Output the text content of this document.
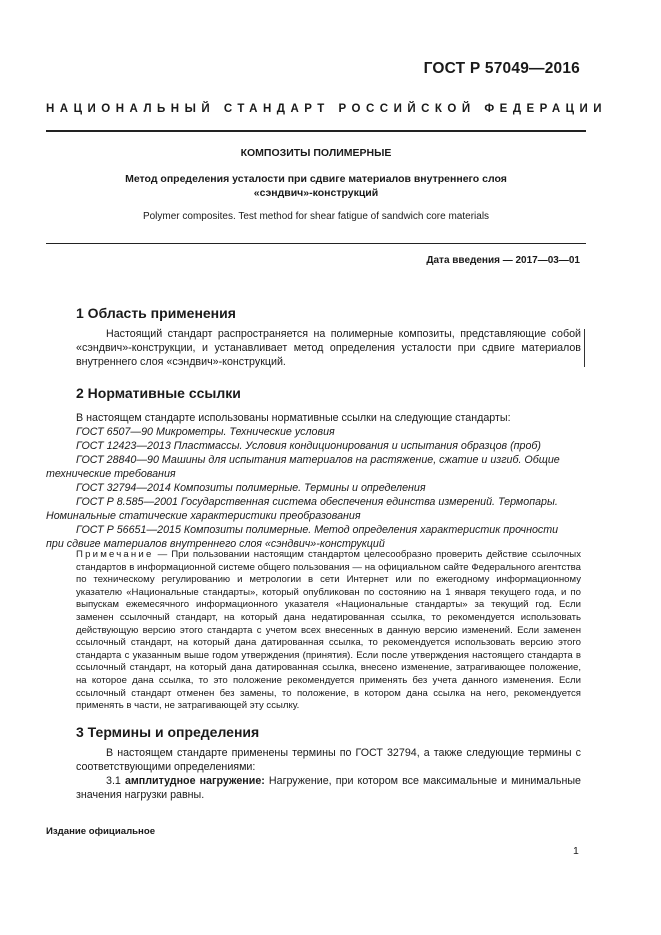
ГОСТ Р 57049—2016
НАЦИОНАЛЬНЫЙ СТАНДАРТ РОССИЙСКОЙ ФЕДЕРАЦИИ
КОМПОЗИТЫ ПОЛИМЕРНЫЕ
Метод определения усталости при сдвиге материалов внутреннего слоя
«сэндвич»-конструкций
Polymer composites. Test method for shear fatigue of sandwich core materials
Дата введения — 2017—03—01
1 Область применения
Настоящий стандарт распространяется на полимерные композиты, представляющие собой «сэндвич»-конструкции, и устанавливает метод определения усталости при сдвиге материалов внутреннего слоя «сэндвич»-конструкций.
2 Нормативные ссылки
В настоящем стандарте использованы нормативные ссылки на следующие стандарты:
ГОСТ 6507—90 Микрометры. Технические условия
ГОСТ 12423—2013 Пластмассы. Условия кондиционирования и испытания образцов (проб)
ГОСТ 28840—90 Машины для испытания материалов на растяжение, сжатие и изгиб. Общие
технические требования
ГОСТ 32794—2014 Композиты полимерные. Термины и определения
ГОСТ Р 8.585—2001 Государственная система обеспечения единства измерений. Термопары.
Номинальные статические характеристики преобразования
ГОСТ Р 56651—2015 Композиты полимерные. Метод определения характеристик прочности
при сдвиге материалов внутреннего слоя «сэндвич»-конструкций
Примечание — При пользовании настоящим стандартом целесообразно проверить действие ссылочных стандартов в информационной системе общего пользования — на официальном сайте Федерального агентства по техническому регулированию и метрологии в сети Интернет или по ежегодному информационному указателю «Национальные стандарты», который опубликован по состоянию на 1 января текущего года, и по выпускам ежемесячного информационного указателя «Национальные стандарты» за текущий год. Если заменен ссылочный стандарт, на который дана недатированная ссылка, то рекомендуется использовать действующую версию этого стандарта с учетом всех внесенных в данную версию изменений. Если заменен ссылочный стандарт, на который дана датированная ссылка, то рекомендуется использовать версию этого стандарта с указанным выше годом утверждения (принятия). Если после утверждения настоящего стандарта в ссылочный стандарт, на который дана датированная ссылка, внесено изменение, затрагивающее положение, на которое дана ссылка, то это положение рекомендуется применять без учета данного изменения. Если ссылочный стандарт отменен без замены, то положение, в котором дана ссылка на него, рекомендуется применять в части, не затрагивающей эту ссылку.
3 Термины и определения
В настоящем стандарте применены термины по ГОСТ 32794, а также следующие термины с соответствующими определениями:
3.1 амплитудное нагружение: Нагружение, при котором все максимальные и минимальные значения нагрузки равны.
Издание официальное
1
